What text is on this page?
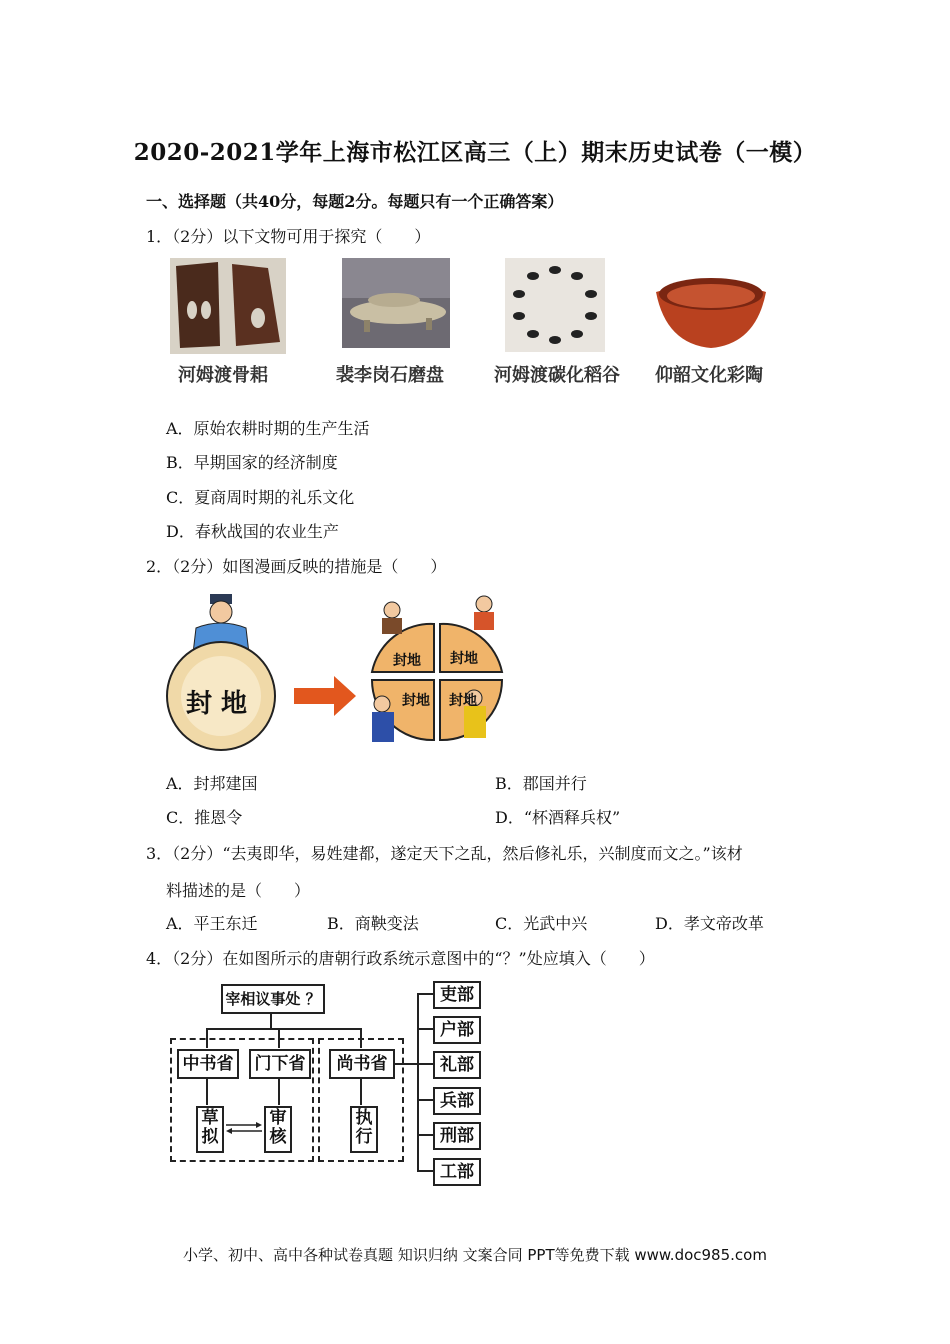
2020-2021学年上海市松江区高三（上）期末历史试卷（一模）
一、选择题（共40分，每题2分。每题只有一个正确答案）
1．（2分）以下文物可用于探究（　　）
河姆渡骨耜	裴李岗石磨盘	河姆渡碳化稻谷 仰韶文化彩陶
A．原始农耕时期的生产生活
B．早期国家的经济制度
C．夏商周时期的礼乐文化
D．春秋战国的农业生产
2．（2分）如图漫画反映的措施是（　　）
封 地
封地 封地
封地 封地
A．封邦建国	B．郡国并行
C．推恩令	D．“杯酒释兵权”
3．（2分）“去夷即华，易姓建都，遂定天下之乱，然后修礼乐，兴制度而文之。”该材
料描述的是（　　）
A．平王东迁	B．商鞅变法	C．光武中兴	D．孝文帝改革
4．（2分）在如图所示的唐朝行政系统示意图中的“？”处应填入（　　）
宰相议事处 ？
中书省	门下省	尚书省
草拟
审核
执行
吏部
户部
礼部
兵部
刑部
工部
小学、初中、高中各种试卷真题 知识归纳 文案合同 PPT等免费下载 www.doc985.com
